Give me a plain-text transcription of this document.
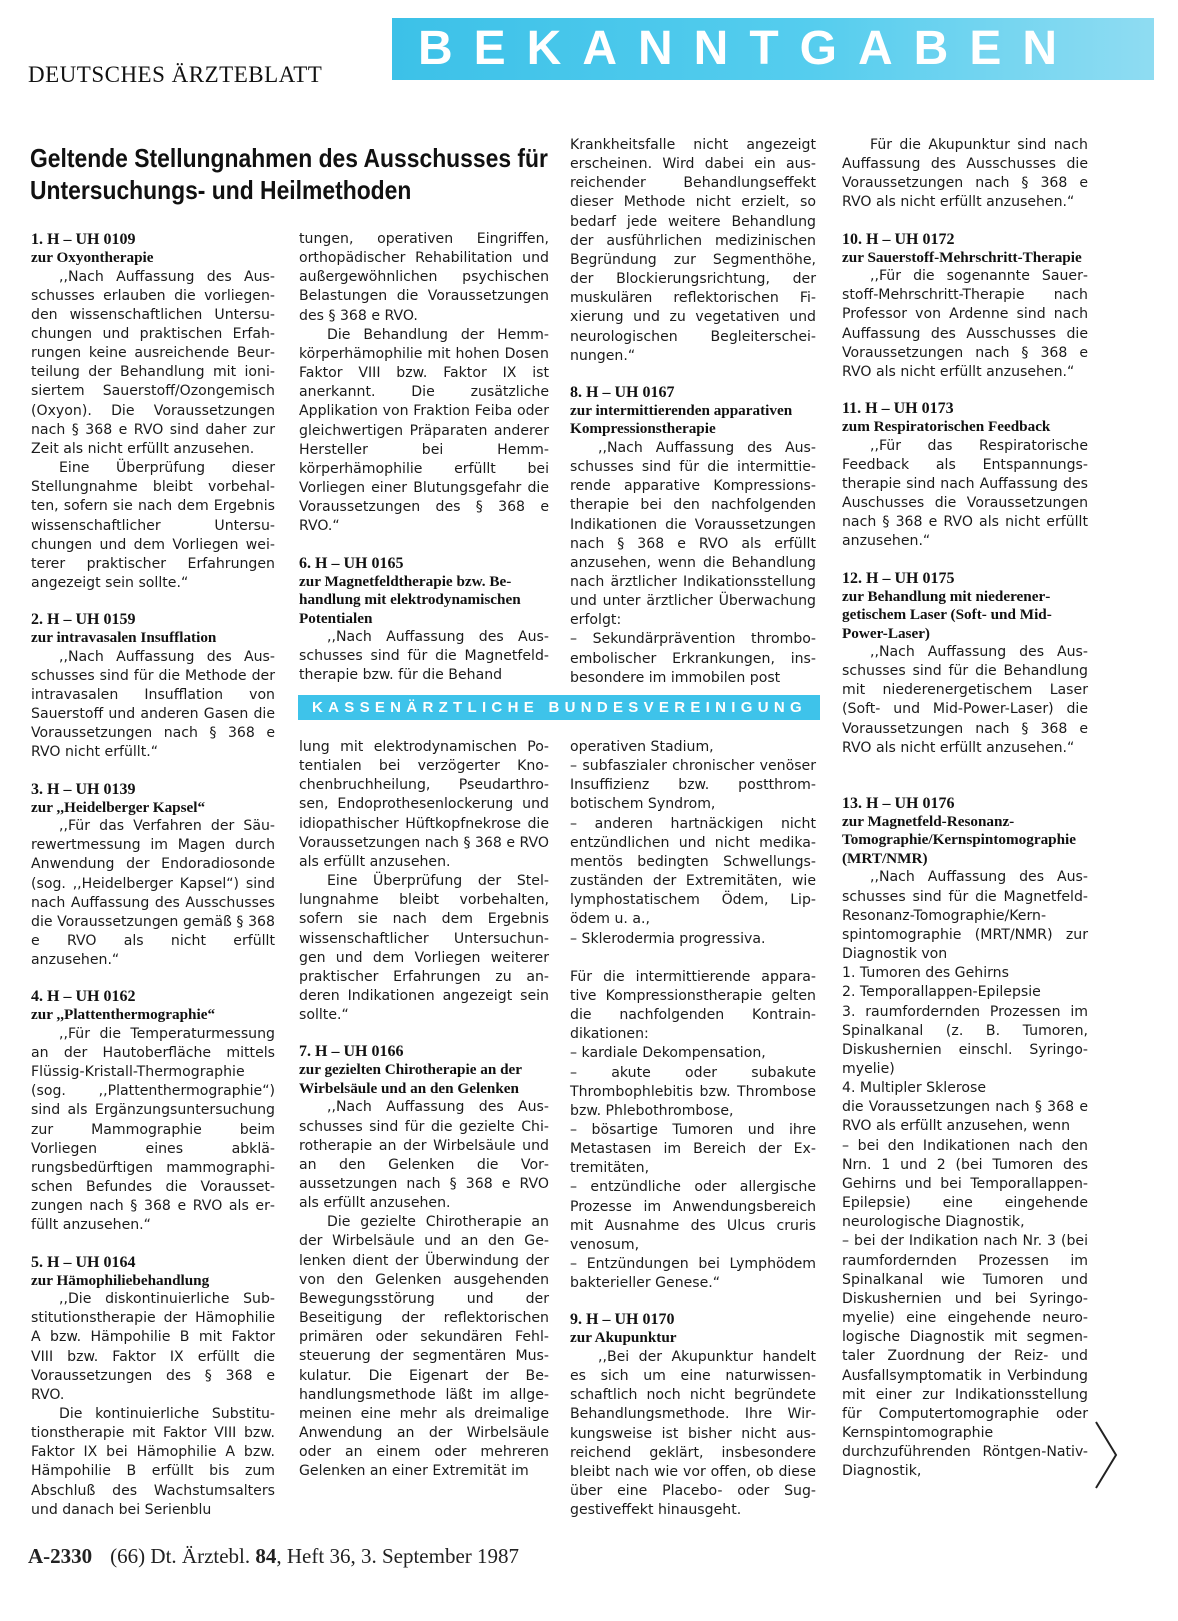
DEUTSCHES ÄRZTEBLATT BEKANNTGABEN
Geltende Stellungnahmen des Ausschusses für Untersuchungs- und Heilmethoden
1. H – UH 0109
zur Oxyontherapie

,,Nach Auffassung des Ausschusses erlauben die vorliegenden wissenschaftlichen Untersuchungen und praktischen Erfahrungen keine ausreichende Beurteilung der Behandlung mit ionisiertem Sauerstoff/Ozongemisch (Oxyon). Die Voraussetzungen nach § 368 e RVO sind daher zur Zeit als nicht erfüllt anzusehen.

Eine Überprüfung dieser Stellungnahme bleibt vorbehalten, sofern sie nach dem Ergebnis wissenschaftlicher Untersuchungen und dem Vorliegen weiterer praktischer Erfahrungen angezeigt sein sollte.“

2. H – UH 0159
zur intravasalen Insufflation

,,Nach Auffassung des Ausschusses sind für die Methode der intravasalen Insufflation von Sauerstoff und anderen Gasen die Voraussetzungen nach § 368 e RVO nicht erfüllt.“

3. H – UH 0139
zur ,,Heidelberger Kapsel“

,,Für das Verfahren der Säurewertmessung im Magen durch Anwendung der Endoradiosonde (sog. ,,Heidelberger Kapsel“) sind nach Auffassung des Ausschusses die Voraussetzungen gemäß § 368 e RVO als nicht erfüllt anzusehen.“

4. H – UH 0162
zur ,,Plattenthermographie“

,,Für die Temperaturmessung an der Hautoberfläche mittels Flüssig-Kristall-Thermographie (sog. ,,Plattenthermographie“) sind als Ergänzungsuntersuchung zur Mammographie beim Vorliegen eines abklärungsbedürftigen mammographischen Befundes die Voraussetzungen nach § 368 e RVO als erfüllt anzusehen.“

5. H – UH 0164
zur Hämophiliebehandlung

,,Die diskontinuierliche Substitutionstherapie der Hämophilie A bzw. Hämpohilie B mit Faktor VIII bzw. Faktor IX erfüllt die Voraussetzungen des § 368 e RVO.

Die kontinuierliche Substitutionstherapie mit Faktor VIII bzw. Faktor IX bei Hämophilie A bzw. Hämpohilie B erfüllt bis zum Abschluß des Wachstumsalters und danach bei Serienblu

tungen, operativen Eingriffen, orthopädischer Rehabilitation und außergewöhnlichen psychischen Belastungen die Voraussetzungen des § 368 e RVO.

Die Behandlung der Hemmkörperhämophilie mit hohen Dosen Faktor VIII bzw. Faktor IX ist anerkannt. Die zusätzliche Applikation von Fraktion Feiba oder gleichwertigen Präparaten anderer Hersteller bei Hemmkörperhämophilie erfüllt bei Vorliegen einer Blutungsgefahr die Voraussetzungen des § 368 e RVO.“

6. H – UH 0165
zur Magnetfeldtherapie bzw. Behandlung mit elektrodynamischen Potentialen

,,Nach Auffassung des Ausschusses sind für die Magnetfeldtherapie bzw. für die Behand

Krankheitsfalle nicht angezeigt erscheinen. Wird dabei ein ausreichender Behandlungseffekt dieser Methode nicht erzielt, so bedarf jede weitere Behandlung der ausführlichen medizinischen Begründung zur Segmenthöhe, der Blockierungsrichtung, der muskulären reflektorischen Fixierung und zu vegetativen und neurologischen Begleiterscheinungen.“

8. H – UH 0167
zur intermittierenden apparativen Kompressionstherapie

,,Nach Auffassung des Ausschusses sind für die intermittierende apparative Kompressionstherapie bei den nachfolgenden Indikationen die Voraussetzungen nach § 368 e RVO als erfüllt anzusehen, wenn die Behandlung nach ärztlicher Indikationsstellung und unter ärztlicher Überwachung erfolgt:

– Sekundärprävention thromboembolischer Erkrankungen, insbesondere im immobilen post

KASSENÄRZTLICHE BUNDESVEREINIGUNG

lung mit elektrodynamischen Potentialen bei verzögerter Knochenbruchheilung, Pseudarthrosen, Endoprothesenlockerung und idiopathischer Hüftkopfnekrose die Voraussetzungen nach § 368 e RVO als erfüllt anzusehen.

Eine Überprüfung der Stellungnahme bleibt vorbehalten, sofern sie nach dem Ergebnis wissenschaftlicher Untersuchungen und dem Vorliegen weiterer praktischer Erfahrungen zu anderen Indikationen angezeigt sein sollte.“

7. H – UH 0166
zur gezielten Chirotherapie an der Wirbelsäule und an den Gelenken

,,Nach Auffassung des Ausschusses sind für die gezielte Chirotherapie an der Wirbelsäule und an den Gelenken die Voraussetzungen nach § 368 e RVO als erfüllt anzusehen.

Die gezielte Chirotherapie an der Wirbelsäule und an den Gelenken dient der Überwindung der von den Gelenken ausgehenden Bewegungsstörung und der Beseitigung der reflektorischen primären oder sekundären Fehlsteuerung der segmentären Muskulatur. Die Eigenart der Behandlungsmethode läßt im allgemeinen eine mehr als dreimalige Anwendung an der Wirbelsäule oder an einem oder mehreren Gelenken an einer Extremität im

operativen Stadium,

– subfaszialer chronischer venöser Insuffizienz bzw. postthrombotischem Syndrom,

– anderen hartnäckigen nicht entzündlichen und nicht medikamentös bedingten Schwellungszuständen der Extremitäten, wie lymphostatischem Ödem, Lipödem u. a.,

– Sklerodermia progressiva.

Für die intermittierende apparative Kompressionstherapie gelten die nachfolgenden Kontraindikationen:

– kardiale Dekompensation,

– akute oder subakute Thrombophlebitis bzw. Thrombose bzw. Phlebothrombose,

– bösartige Tumoren und ihre Metastasen im Bereich der Extremitäten,

– entzündliche oder allergische Prozesse im Anwendungsbereich mit Ausnahme des Ulcus cruris venosum,

– Entzündungen bei Lymphödem bakterieller Genese.“

9. H – UH 0170
zur Akupunktur

,,Bei der Akupunktur handelt es sich um eine naturwissenschaftlich noch nicht begründete Behandlungsmethode. Ihre Wirkungsweise ist bisher nicht ausreichend geklärt, insbesondere bleibt nach wie vor offen, ob diese über eine Placebo- oder Suggestiveffekt hinausgeht.

Für die Akupunktur sind nach Auffassung des Ausschusses die Voraussetzungen nach § 368 e RVO als nicht erfüllt anzusehen.“

10. H – UH 0172
zur Sauerstoff-Mehrschritt-Therapie

,,Für die sogenannte Sauerstoff-Mehrschritt-Therapie nach Professor von Ardenne sind nach Auffassung des Ausschusses die Voraussetzungen nach § 368 e RVO als nicht erfüllt anzusehen.“

11. H – UH 0173
zum Respiratorischen Feedback

,,Für das Respiratorische Feedback als Entspannungstherapie sind nach Auffassung des Auschusses die Voraussetzungen nach § 368 e RVO als nicht erfüllt anzusehen.“

12. H – UH 0175
zur Behandlung mit niederenergetischem Laser (Soft- und Mid-Power-Laser)

,,Nach Auffassung des Ausschusses sind für die Behandlung mit niederenergetischem Laser (Soft- und Mid-Power-Laser) die Voraussetzungen nach § 368 e RVO als nicht erfüllt anzusehen.“

13. H – UH 0176
zur Magnetfeld-Resonanz-Tomographie/Kernspintomographie (MRT/NMR)

,,Nach Auffassung des Ausschusses sind für die Magnetfeld-Resonanz-Tomographie/Kernspintomographie (MRT/NMR) zur Diagnostik von

1. Tumoren des Gehirns

2. Temporallappen-Epilepsie

3. raumfordernden Prozessen im Spinalkanal (z. B. Tumoren, Diskushernien einschl. Syringomyelie)

4. Multipler Sklerose

die Voraussetzungen nach § 368 e RVO als erfüllt anzusehen, wenn

– bei den Indikationen nach den Nrn. 1 und 2 (bei Tumoren des Gehirns und bei Temporallappen-Epilepsie) eine eingehende neurologische Diagnostik,

– bei der Indikation nach Nr. 3 (bei raumfordernden Prozessen im Spinalkanal wie Tumoren und Diskushernien und bei Syringomyelie) eine eingehende neurologische Diagnostik mit segmentaler Zuordnung der Reiz- und Ausfallsymptomatik in Verbindung mit einer zur Indikationsstellung für Computertomographie oder Kernspintomographie durchzuführenden Röntgen-Nativ-Diagnostik,

A-2330 (66) Dt. Ärztebl. 84, Heft 36, 3. September 1987
